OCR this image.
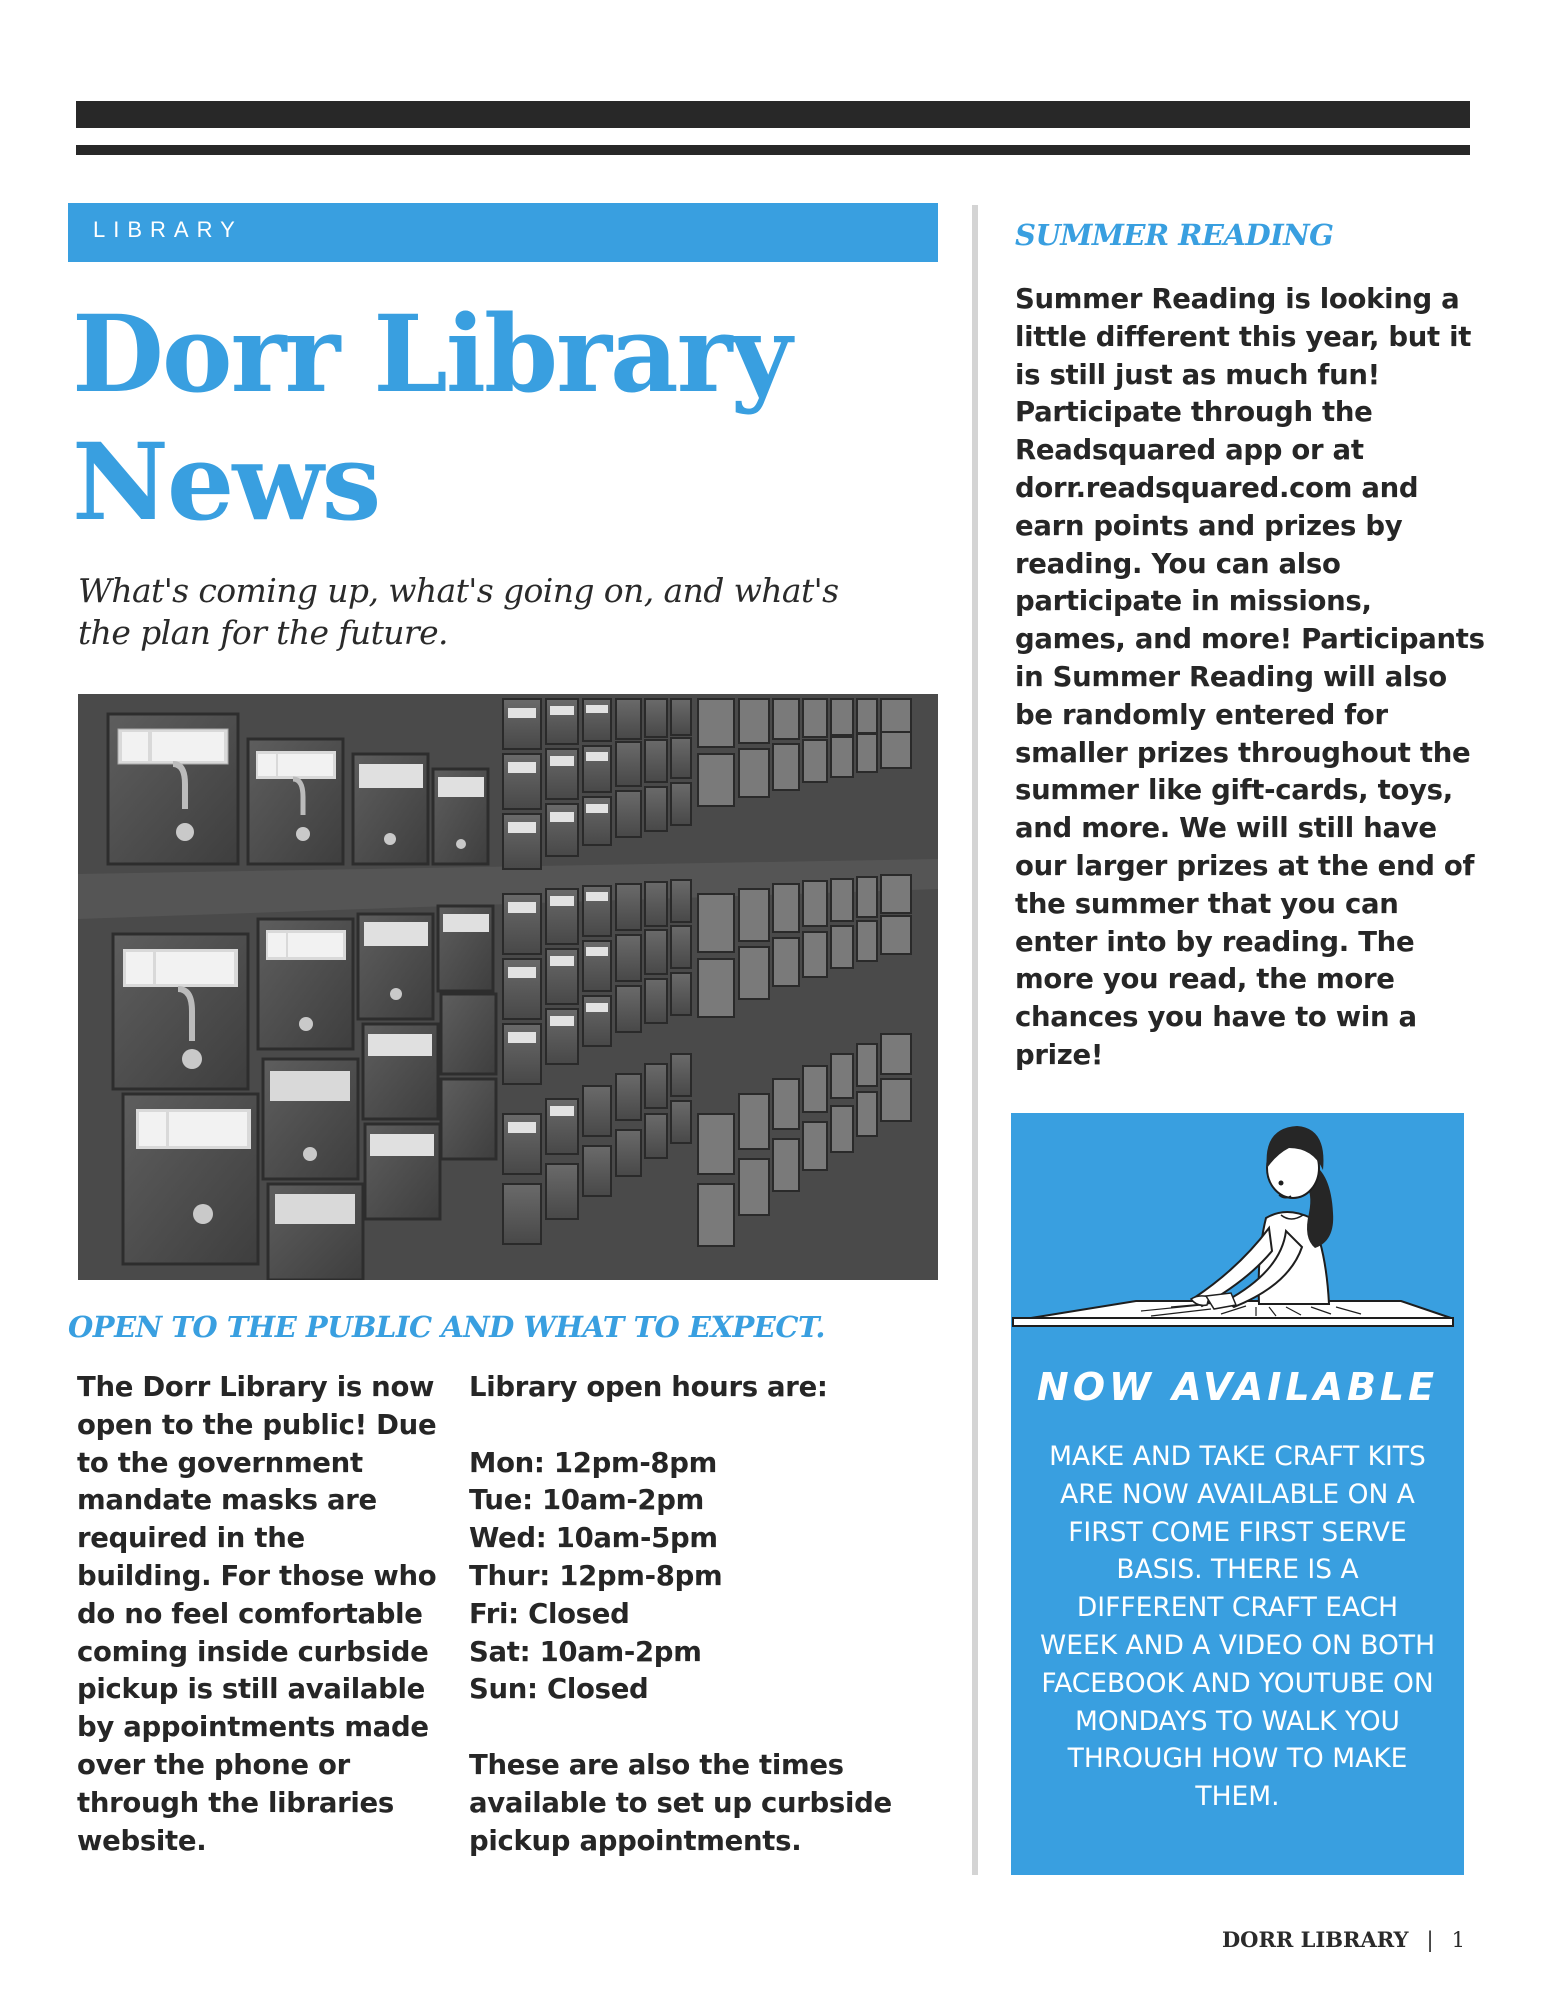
LIBRARY
Dorr Library
News
What's coming up, what's going on, and what's the plan for the future.
OPEN TO THE PUBLIC AND WHAT TO EXPECT.
The Dorr Library is now open to the public! Due to the government mandate masks are required in the building. For those who do no feel comfortable coming inside curbside pickup is still available by appointments made over the phone or through the libraries website.
Library open hours are:
Mon: 12pm-8pm
Tue: 10am-2pm
Wed: 10am-5pm
Thur: 12pm-8pm
Fri: Closed
Sat: 10am-2pm
Sun: Closed
These are also the times
available to set up curbside
pickup appointments.
SUMMER READING
Summer Reading is looking a little different this year, but it is still just as much fun! Participate through the Readsquared app or at dorr.readsquared.com and earn points and prizes by reading. You can also participate in missions, games, and more! Participants in Summer Reading will also be randomly entered for smaller prizes throughout the summer like gift-cards, toys, and more. We will still have our larger prizes at the end of the summer that you can enter into by reading. The more you read, the more chances you have to win a prize!
NOW AVAILABLE
MAKE AND TAKE CRAFT KITS ARE NOW AVAILABLE ON A FIRST COME FIRST SERVE BASIS. THERE IS A DIFFERENT CRAFT EACH WEEK AND A VIDEO ON BOTH FACEBOOK AND YOUTUBE ON MONDAYS TO WALK YOU THROUGH HOW TO MAKE THEM.
DORR LIBRARY | 1
